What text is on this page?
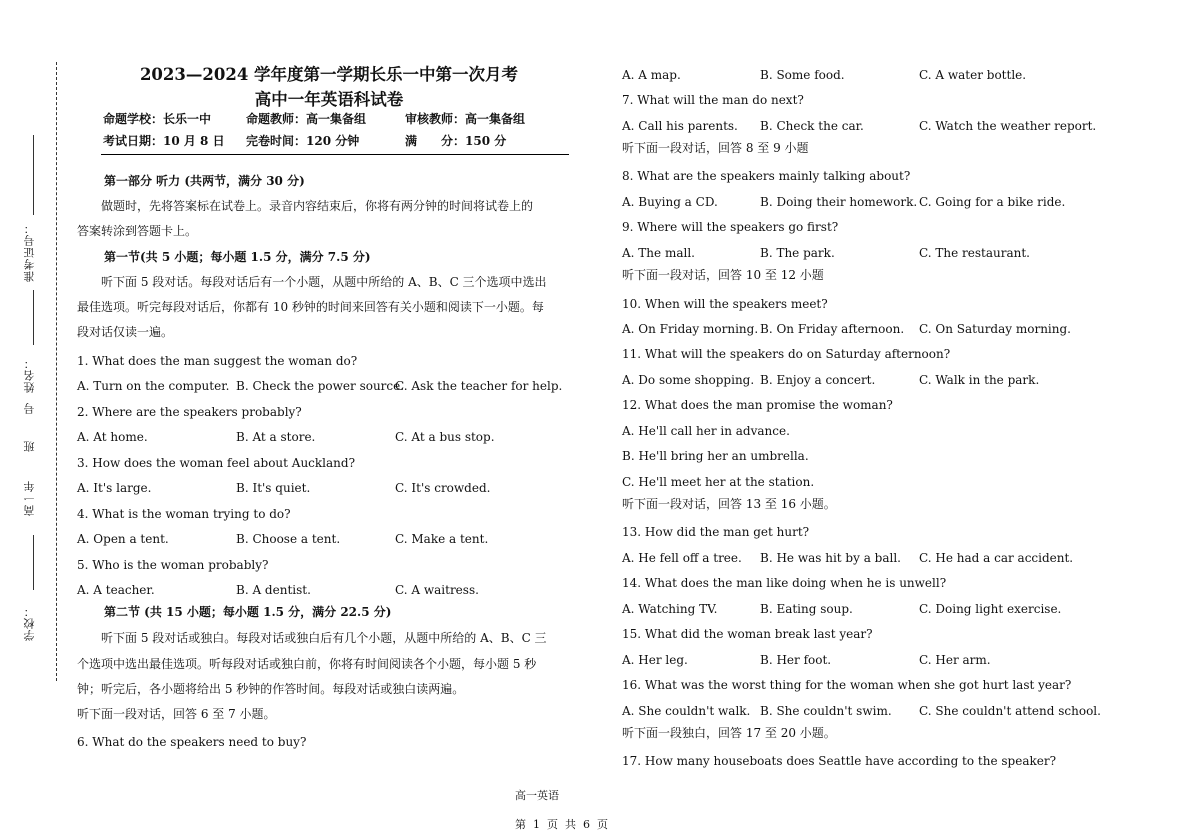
准考证号：
姓名：
号
班
高一年
学校：
2023—2024 学年度第一学期长乐一中第一次月考
高中一年英语科试卷
命题学校：长乐一中	命题教师：高一集备组	审核教师：高一集备组
考试日期：10 月 8 日	完卷时间：120 分钟	满　　分：150 分
第一部分 听力 (共两节，满分 30 分)
做题时，先将答案标在试卷上。录音内容结束后，你将有两分钟的时间将试卷上的
答案转涂到答题卡上。
第一节(共 5 小题；每小题 1.5 分，满分 7.5 分)
听下面 5 段对话。每段对话后有一个小题，从题中所给的 A、B、C 三个选项中选出
最佳选项。听完每段对话后，你都有 10 秒钟的时间来回答有关小题和阅读下一小题。每
段对话仅读一遍。
1. What does the man suggest the woman do?
A. Turn on the computer. B. Check the power source.
C. Ask the teacher for help.
2. Where are the speakers probably?
A. At home.	B. At a store.	C. At a bus stop.
3. How does the woman feel about Auckland?
A. It's large.	B. It's quiet.	C. It's crowded.
4. What is the woman trying to do?
A. Open a tent.	B. Choose a tent.	C. Make a tent.
5. Who is the woman probably?
A. A teacher.	B. A dentist.	C. A waitress.
第二节 (共 15 小题；每小题 1.5 分，满分 22.5 分)
听下面 5 段对话或独白。每段对话或独白后有几个小题，从题中所给的 A、B、C 三
个选项中选出最佳选项。听每段对话或独白前，你将有时间阅读各个小题，每小题 5 秒
钟；听完后，各小题将给出 5 秒钟的作答时间。每段对话或独白读两遍。
听下面一段对话，回答 6 至 7 小题。
6. What do the speakers need to buy?
A. A map.	B. Some food.	C. A water bottle.
7. What will the man do next?
A. Call his parents. B. Check the car.	C. Watch the weather report.
听下面一段对话，回答 8 至 9 小题
8. What are the speakers mainly talking about?
A. Buying a CD.	B. Doing their homework. C. Going for a bike ride.
9. Where will the speakers go first?
A. The mall.	B. The park.	C. The restaurant.
听下面一段对话，回答 10 至 12 小题
10. When will the speakers meet?
A. On Friday morning. B. On Friday afternoon. C. On Saturday morning.
11. What will the speakers do on Saturday afternoon?
A. Do some shopping. B. Enjoy a concert.	C. Walk in the park.
12. What does the man promise the woman?
A. He'll call her in advance.
B. He'll bring her an umbrella.
C. He'll meet her at the station.
听下面一段对话，回答 13 至 16 小题。
13. How did the man get hurt?
A. He fell off a tree. B. He was hit by a ball. C. He had a car accident.
14. What does the man like doing when he is unwell?
A. Watching TV.	B. Eating soup.	C. Doing light exercise.
15. What did the woman break last year?
A. Her leg.	B. Her foot.	C. Her arm.
16. What was the worst thing for the woman when she got hurt last year?
A. She couldn't walk. B. She couldn't swim. C. She couldn't attend school.
听下面一段独白，回答 17 至 20 小题。
17. How many houseboats does Seattle have according to the speaker?

高一英语

第  1  页  共  6  页
